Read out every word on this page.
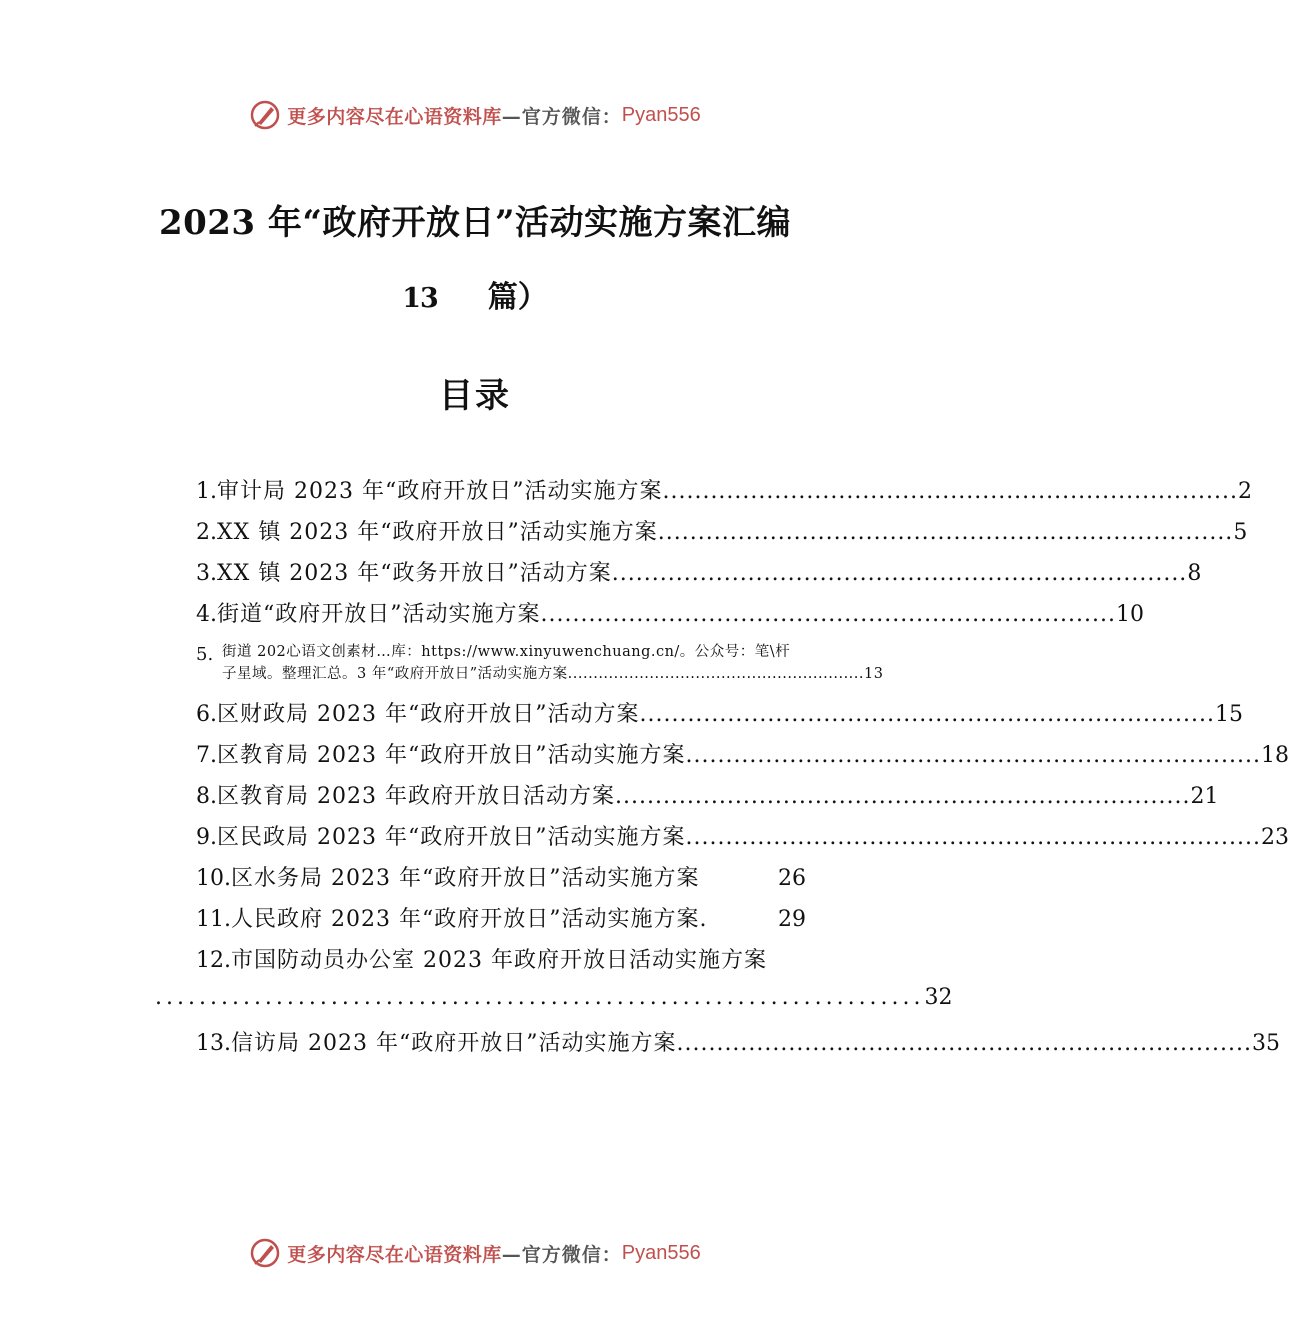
更多内容尽在心语资料库 —官方微信： Pyan556
2023 年“政府开放日”活动实施方案汇编
13 篇）
目录
1. 审计局 2023 年“政府开放日”活动实施方案 ........................................................................ 2
2. XX 镇 2023 年“政府开放日”活动实施方案 ........................................................................ 5
3. XX 镇 2023 年“政务开放日”活动方案 ........................................................................ 8
4. 街道“政府开放日”活动实施方案 ........................................................................ 10
5. 街道 202心语文创素材…库：https://www.xinyuwenchuang.cn/。公众号：笔\杆
子星域。整理汇总。3 年“政府开放日”活动实施方案 .......................................................... 13
6. 区财政局 2023 年“政府开放日”活动方案 ........................................................................ 15
7. 区教育局 2023 年“政府开放日”活动实施方案 ........................................................................ 18
8. 区教育局 2023 年政府开放日活动方案 ........................................................................ 21
9. 区民政局 2023 年“政府开放日”活动实施方案 ........................................................................ 23
10. 区水务局 2023 年“政府开放日”活动实施方案
	26
11. 人民政府 2023 年“政府开放日”活动实施方案.
	29
12. 市国防动员办公室 2023 年政府开放日活动实施方案
...................................................................... 32
13. 信访局 2023 年“政府开放日”活动实施方案 ........................................................................ 35
更多内容尽在心语资料库 —官方微信： Pyan556
